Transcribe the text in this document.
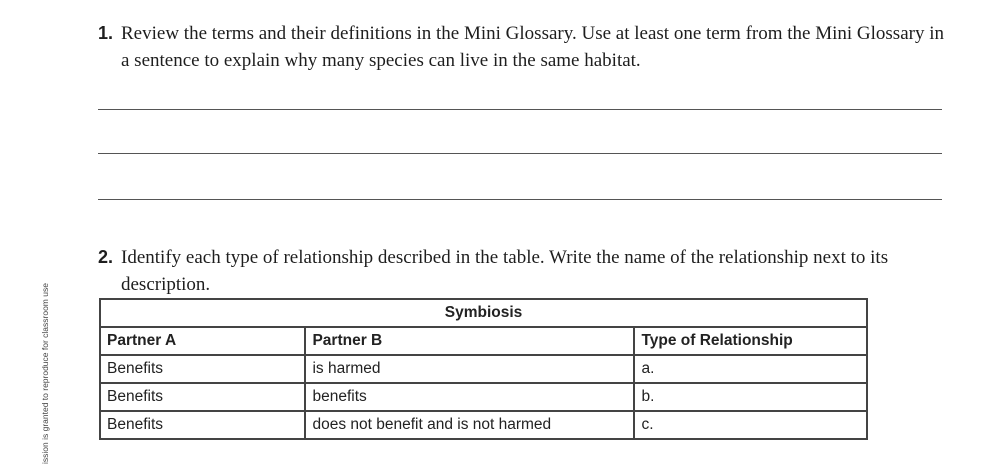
ission is granted to reproduce for classroom use
1. Review the terms and their definitions in the Mini Glossary. Use at least one term from the Mini Glossary in a sentence to explain why many species can live in the same habitat.
2. Identify each type of relationship described in the table. Write the name of the relationship next to its description.
Symbiosis		
Partner A	Partner B	Type of Relationship
Benefits	is harmed	a.
Benefits	benefits	b.
Benefits	does not benefit and is not harmed	c.
